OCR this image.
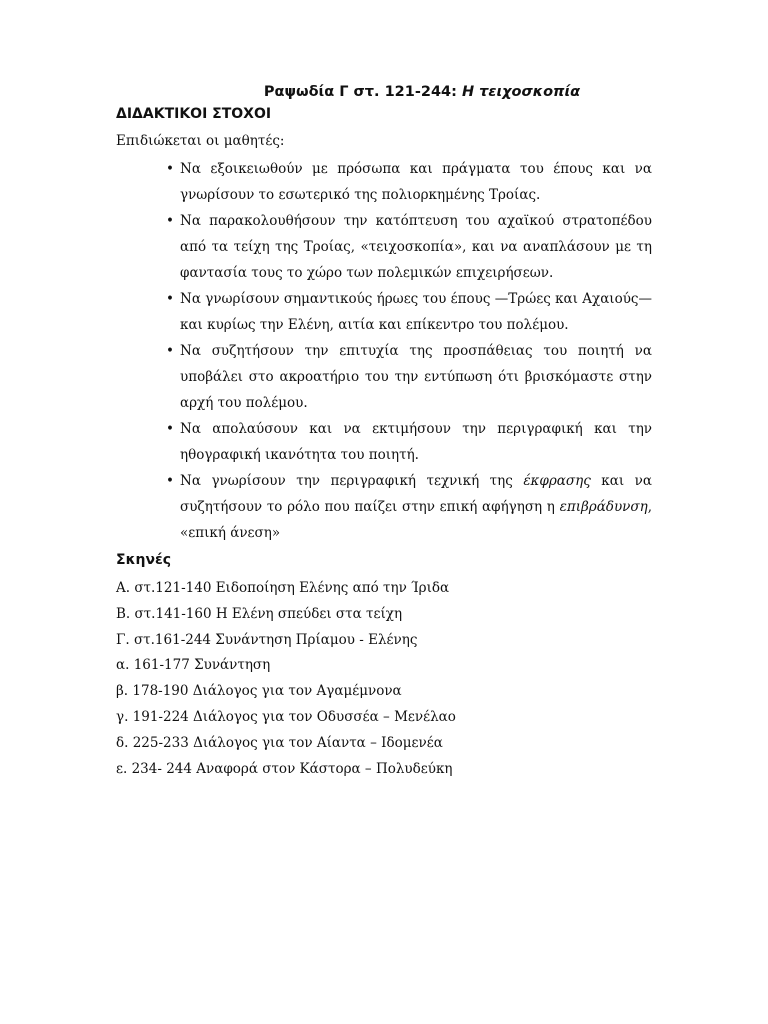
Ραψωδία Γ στ. 121-244: Η τειχοσκοπία
ΔΙΔΑΚΤΙΚΟΙ ΣΤΟΧΟΙ
Επιδιώκεται οι μαθητές:
• Να εξοικειωθούν με πρόσωπα και πράγματα του έπους και να γνωρίσουν το εσωτερικό της πολιορκημένης Τροίας.
• Να παρακολουθήσουν την κατόπτευση του αχαϊκού στρατοπέδου από τα τείχη της Τροίας, «τειχοσκοπία», και να αναπλάσουν με τη φαντασία τους το χώρο των πολεμικών επιχειρήσεων.
• Να γνωρίσουν σημαντικούς ήρωες του έπους —Τρώες και Αχαιούς— και κυρίως την Ελένη, αιτία και επίκεντρο του πολέμου.
• Να συζητήσουν την επιτυχία της προσπάθειας του ποιητή να υποβάλει στο ακροατήριο του την εντύπωση ότι βρισκόμαστε στην αρχή του πολέμου.
• Να απολαύσουν και να εκτιμήσουν την περιγραφική και την ηθογραφική ικανότητα του ποιητή.
• Να γνωρίσουν την περιγραφική τεχνική της έκφρασης και να συζητήσουν το ρόλο που παίζει στην επική αφήγηση η επιβράδυνση, «επική άνεση»
Σκηνές
Α. στ.121-140 Ειδοποίηση Ελένης από την Ίριδα
Β. στ.141-160 Η Ελένη σπεύδει στα τείχη
Γ. στ.161-244 Συνάντηση Πρίαμου - Ελένης
α. 161-177 Συνάντηση
β. 178-190 Διάλογος για τον Αγαμέμνονα
γ. 191-224 Διάλογος για τον Οδυσσέα – Μενέλαο
δ. 225-233 Διάλογος για τον Αίαντα – Ιδομενέα
ε. 234- 244 Αναφορά στον Κάστορα – Πολυδεύκη
